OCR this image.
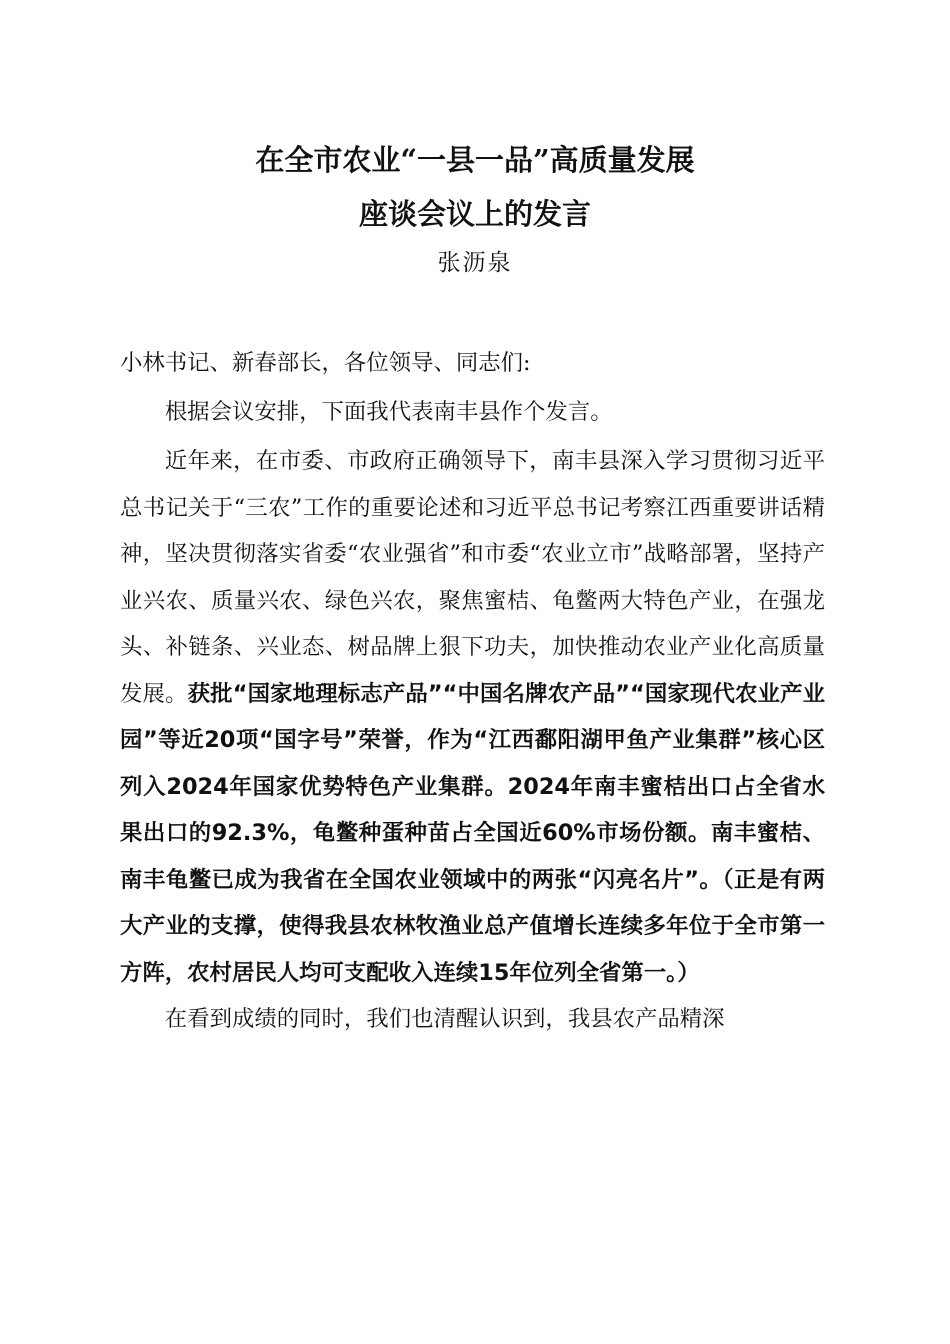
在全市农业“一县一品”高质量发展
座谈会议上的发言

张沥泉

小林书记、新春部长，各位领导、同志们:

根据会议安排，下面我代表南丰县作个发言。

近年来，在市委、市政府正确领导下，南丰县深入学习贯彻习近平总书记关于“三农”工作的重要论述和习近平总书记考察江西重要讲话精神，坚决贯彻落实省委“农业强省”和市委“农业立市”战略部署，坚持产业兴农、质量兴农、绿色兴农，聚焦蜜桔、龟鳖两大特色产业，在强龙头、补链条、兴业态、树品牌上狠下功夫，加快推动农业产业化高质量发展。获批“国家地理标志产品”“中国名牌农产品”“国家现代农业产业园”等近20项“国字号”荣誉，作为“江西鄱阳湖甲鱼产业集群”核心区列入2024年国家优势特色产业集群。2024年南丰蜜桔出口占全省水果出口的92.3%，龟鳖种蛋种苗占全国近60%市场份额。南丰蜜桔、南丰龟鳖已成为我省在全国农业领域中的两张“闪亮名片”。（正是有两大产业的支撑，使得我县农林牧渔业总产值增长连续多年位于全市第一方阵，农村居民人均可支配收入连续15年位列全省第一。）

在看到成绩的同时，我们也清醒认识到，我县农产品精深
